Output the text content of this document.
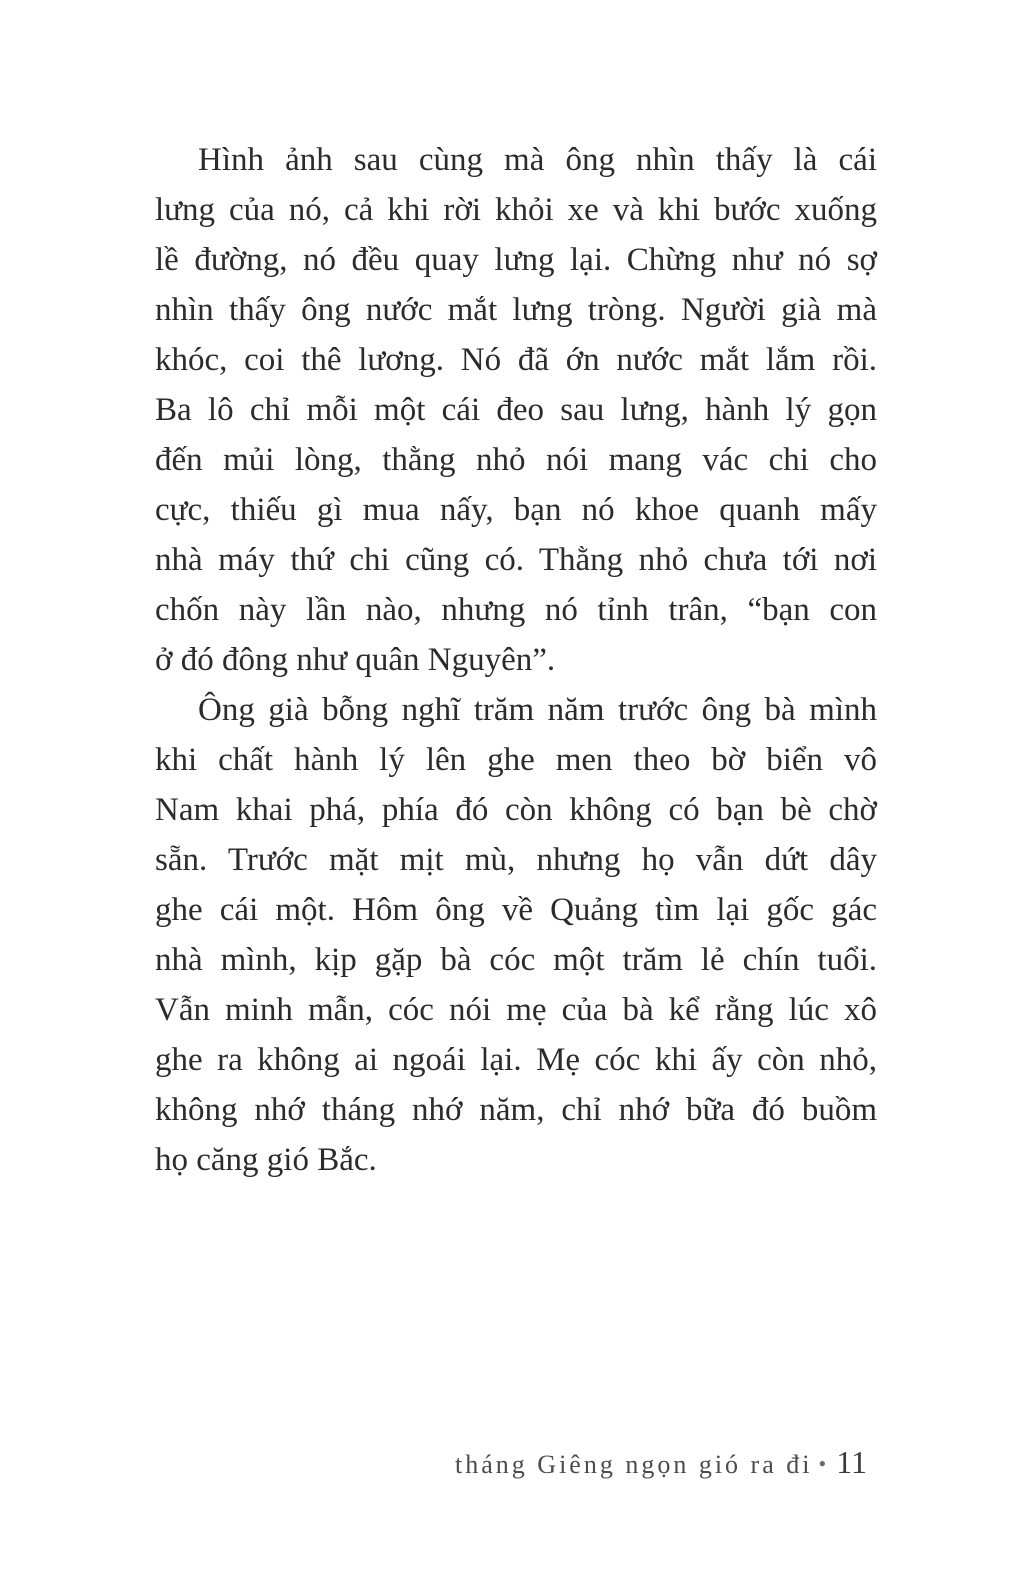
Hình ảnh sau cùng mà ông nhìn thấy là cái
lưng của nó, cả khi rời khỏi xe và khi bước xuống
lề đường, nó đều quay lưng lại. Chừng như nó sợ
nhìn thấy ông nước mắt lưng tròng. Người già mà
khóc, coi thê lương. Nó đã ớn nước mắt lắm rồi.
Ba lô chỉ mỗi một cái đeo sau lưng, hành lý gọn
đến mủi lòng, thằng nhỏ nói mang vác chi cho
cực, thiếu gì mua nấy, bạn nó khoe quanh mấy
nhà máy thứ chi cũng có. Thằng nhỏ chưa tới nơi
chốn này lần nào, nhưng nó tỉnh trân, “bạn con
ở đó đông như quân Nguyên”.
Ông già bỗng nghĩ trăm năm trước ông bà mình
khi chất hành lý lên ghe men theo bờ biển vô
Nam khai phá, phía đó còn không có bạn bè chờ
sẵn. Trước mặt mịt mù, nhưng họ vẫn dứt dây
ghe cái một. Hôm ông về Quảng tìm lại gốc gác
nhà mình, kịp gặp bà cóc một trăm lẻ chín tuổi.
Vẫn minh mẫn, cóc nói mẹ của bà kể rằng lúc xô
ghe ra không ai ngoái lại. Mẹ cóc khi ấy còn nhỏ,
không nhớ tháng nhớ năm, chỉ nhớ bữa đó buồm
họ căng gió Bắc.
tháng Giêng ngọn gió ra đi • 11
